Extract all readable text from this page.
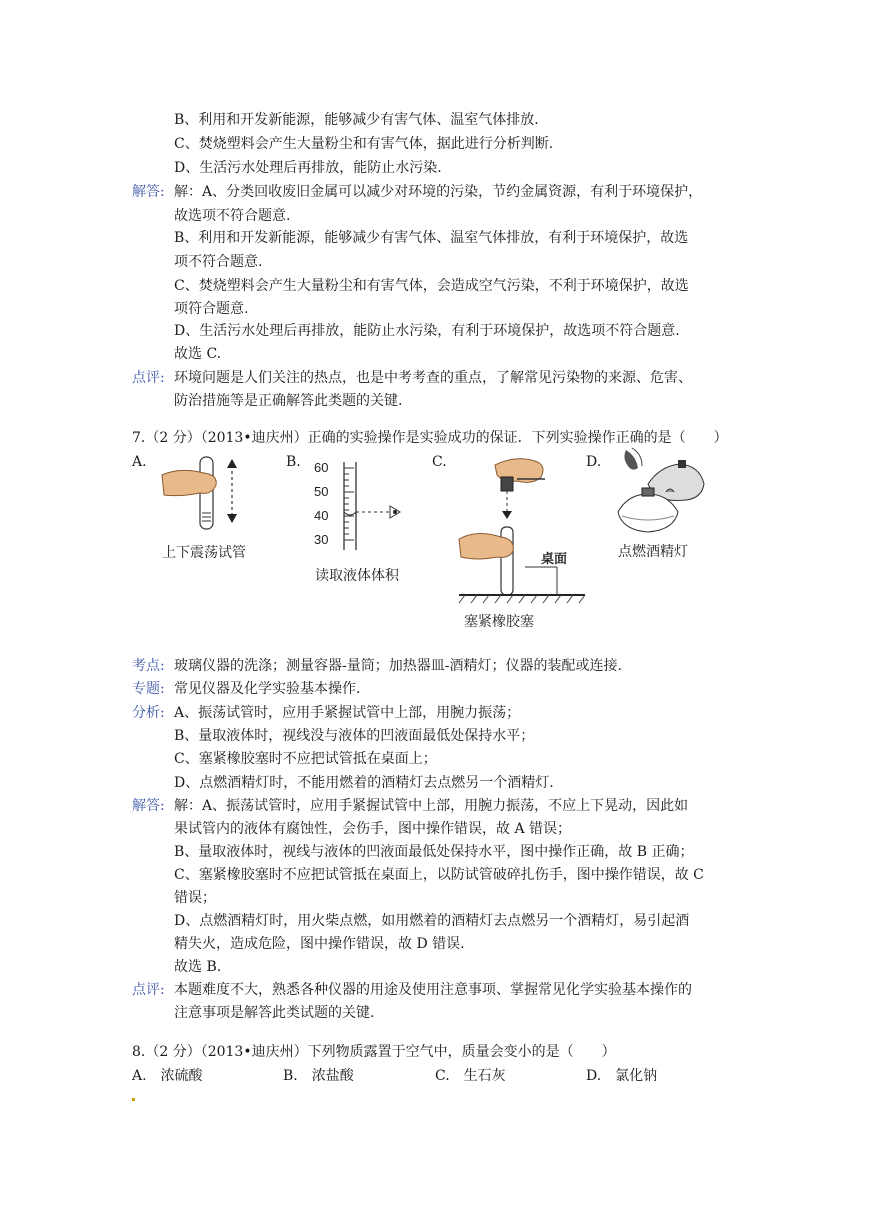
B、利用和开发新能源，能够减少有害气体、温室气体排放.
C、焚烧塑料会产生大量粉尘和有害气体，据此进行分析判断.
D、生活污水处理后再排放，能防止水污染.
解答: 解：A、分类回收废旧金属可以减少对环境的污染，节约金属资源，有利于环境保护，
故选项不符合题意.
B、利用和开发新能源，能够减少有害气体、温室气体排放，有利于环境保护，故选
项不符合题意.
C、焚烧塑料会产生大量粉尘和有害气体，会造成空气污染，不利于环境保护，故选
项符合题意.
D、生活污水处理后再排放，能防止水污染，有利于环境保护，故选项不符合题意.
故选 C.
点评: 环境问题是人们关注的热点，也是中考考查的重点，了解常见污染物的来源、危害、
防治措施等是正确解答此类题的关键.
7.（2 分）（2013•迪庆州）正确的实验操作是实验成功的保证．下列实验操作正确的是（　　）
A.	B.	C.	D.
上下震荡试管
60
50
40
30
读取液体体积
桌面
塞紧橡胶塞
点燃酒精灯
考点: 玻璃仪器的洗涤；测量容器-量筒；加热器皿-酒精灯；仪器的装配或连接.
专题: 常见仪器及化学实验基本操作.
分析: A、振荡试管时，应用手紧握试管中上部，用腕力振荡；
B、量取液体时，视线没与液体的凹液面最低处保持水平；
C、塞紧橡胶塞时不应把试管抵在桌面上；
D、点燃酒精灯时，不能用燃着的酒精灯去点燃另一个酒精灯.
解答: 解：A、振荡试管时，应用手紧握试管中上部，用腕力振荡，不应上下晃动，因此如
果试管内的液体有腐蚀性，会伤手，图中操作错误，故 A 错误；
B、量取液体时，视线与液体的凹液面最低处保持水平，图中操作正确，故 B 正确；
C、塞紧橡胶塞时不应把试管抵在桌面上，以防试管破碎扎伤手，图中操作错误，故 C
错误；
D、点燃酒精灯时，用火柴点燃，如用燃着的酒精灯去点燃另一个酒精灯，易引起酒
精失火，造成危险，图中操作错误，故 D 错误.
故选 B.
点评: 本题难度不大，熟悉各种仪器的用途及使用注意事项、掌握常见化学实验基本操作的
注意事项是解答此类试题的关键.
8.（2 分）（2013•迪庆州）下列物质露置于空气中，质量会变小的是（　　）
A.　浓硫酸	B.　浓盐酸	C.　生石灰	D.　氯化钠
